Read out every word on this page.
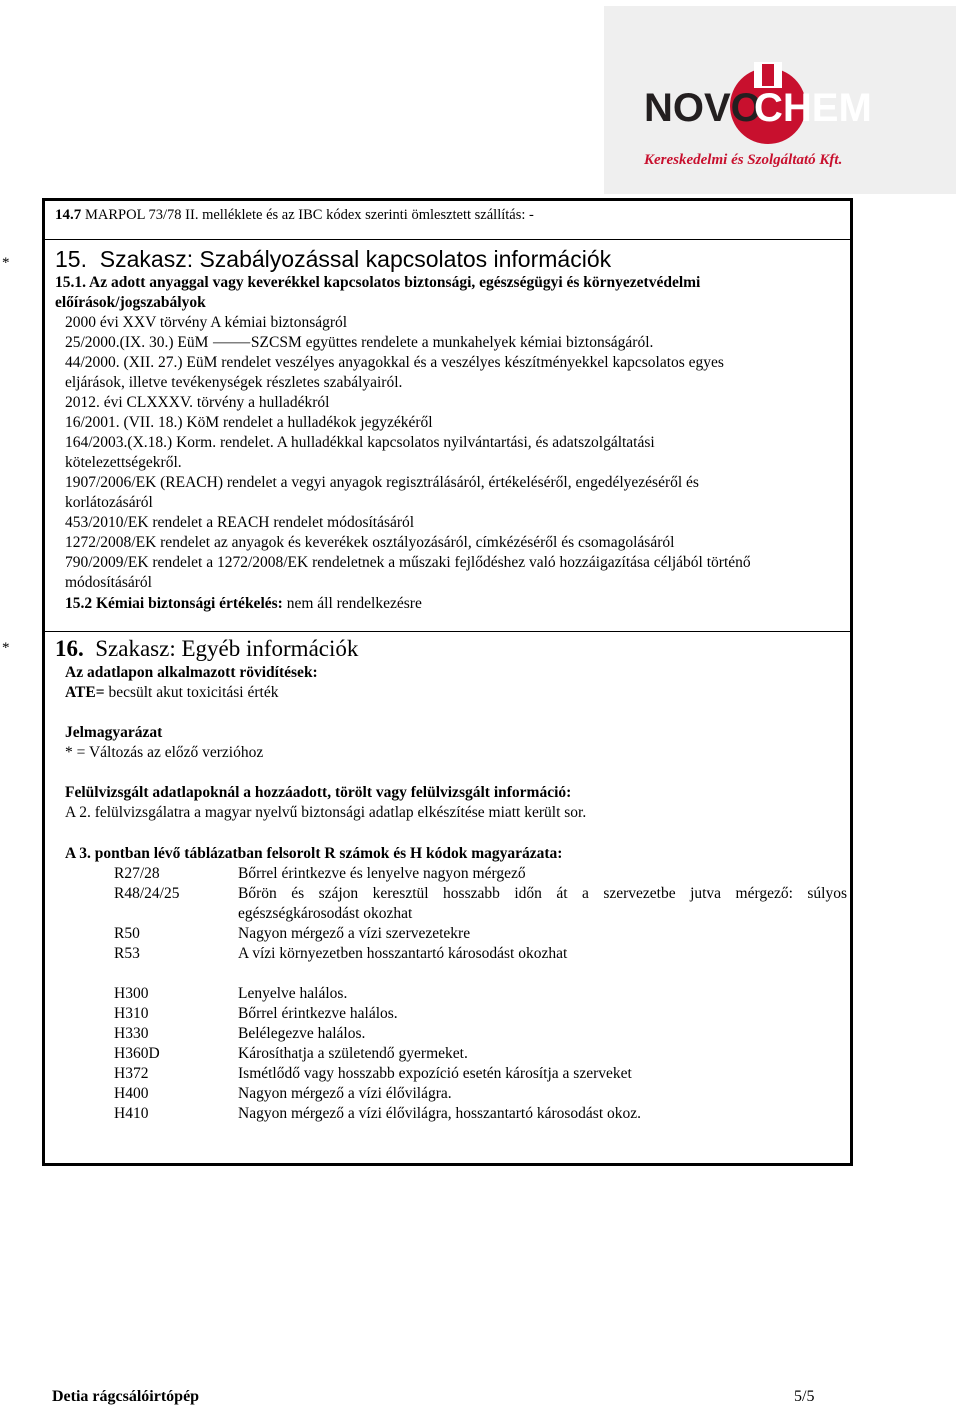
NOVO
CHEM
Kereskedelmi és Szolgáltató Kft.
*
*
14.7 MARPOL 73/78 II. melléklete és az IBC kódex szerinti ömlesztett szállítás: -
15. Szakasz: Szabályozással kapcsolatos információk
15.1. Az adott anyaggal vagy keverékkel kapcsolatos biztonsági, egészségügyi és környezetvédelmi
előírások/jogszabályok
2000 évi XXV törvény A kémiai biztonságról
25/2000.(IX. 30.) EüM ⸻SZCSM együttes rendelete a munkahelyek kémiai biztonságáról.
44/2000. (XII. 27.) EüM rendelet veszélyes anyagokkal és a veszélyes készítményekkel kapcsolatos egyes
eljárások, illetve tevékenységek részletes szabályairól.
2012. évi CLXXXV. törvény a hulladékról
16/2001. (VII. 18.) KöM rendelet a hulladékok jegyzékéről
164/2003.(X.18.) Korm. rendelet. A hulladékkal kapcsolatos nyilvántartási, és adatszolgáltatási
kötelezettségekről.
1907/2006/EK (REACH) rendelet a vegyi anyagok regisztrálásáról, értékeléséről, engedélyezéséről és
korlátozásáról
453/2010/EK rendelet a REACH rendelet módosításáról
1272/2008/EK rendelet az anyagok és keverékek osztályozásáról, címkézéséről és csomagolásáról
790/2009/EK rendelet a 1272/2008/EK rendeletnek a műszaki fejlődéshez való hozzáigazítása céljából történő
módosításáról
15.2 Kémiai biztonsági értékelés: nem áll rendelkezésre
16. Szakasz: Egyéb információk
Az adatlapon alkalmazott rövidítések:
ATE= becsült akut toxicitási érték
Jelmagyarázat
* = Változás az előző verzióhoz
Felülvizsgált adatlapoknál a hozzáadott, törölt vagy felülvizsgált információ:
A 2. felülvizsgálatra a magyar nyelvű biztonsági adatlap elkészítése miatt került sor.
A 3. pontban lévő táblázatban felsorolt R számok és H kódok magyarázata:
R27/28	Bőrrel érintkezve és lenyelve nagyon mérgező
R48/24/25	Bőrön és szájon keresztül hosszabb időn át a szervezetbe jutva mérgező: súlyos
egészségkárosodást okozhat
R50	Nagyon mérgező a vízi szervezetekre
R53	A vízi környezetben hosszantartó károsodást okozhat
H300	Lenyelve halálos.
H310	Bőrrel érintkezve halálos.
H330	Belélegezve halálos.
H360D	Károsíthatja a születendő gyermeket.
H372	Ismétlődő vagy hosszabb expozíció esetén károsítja a szerveket
H400	Nagyon mérgező a vízi élővilágra.
H410	Nagyon mérgező a vízi élővilágra, hosszantartó károsodást okoz.
Detia rágcsálóirtópép	5/5
